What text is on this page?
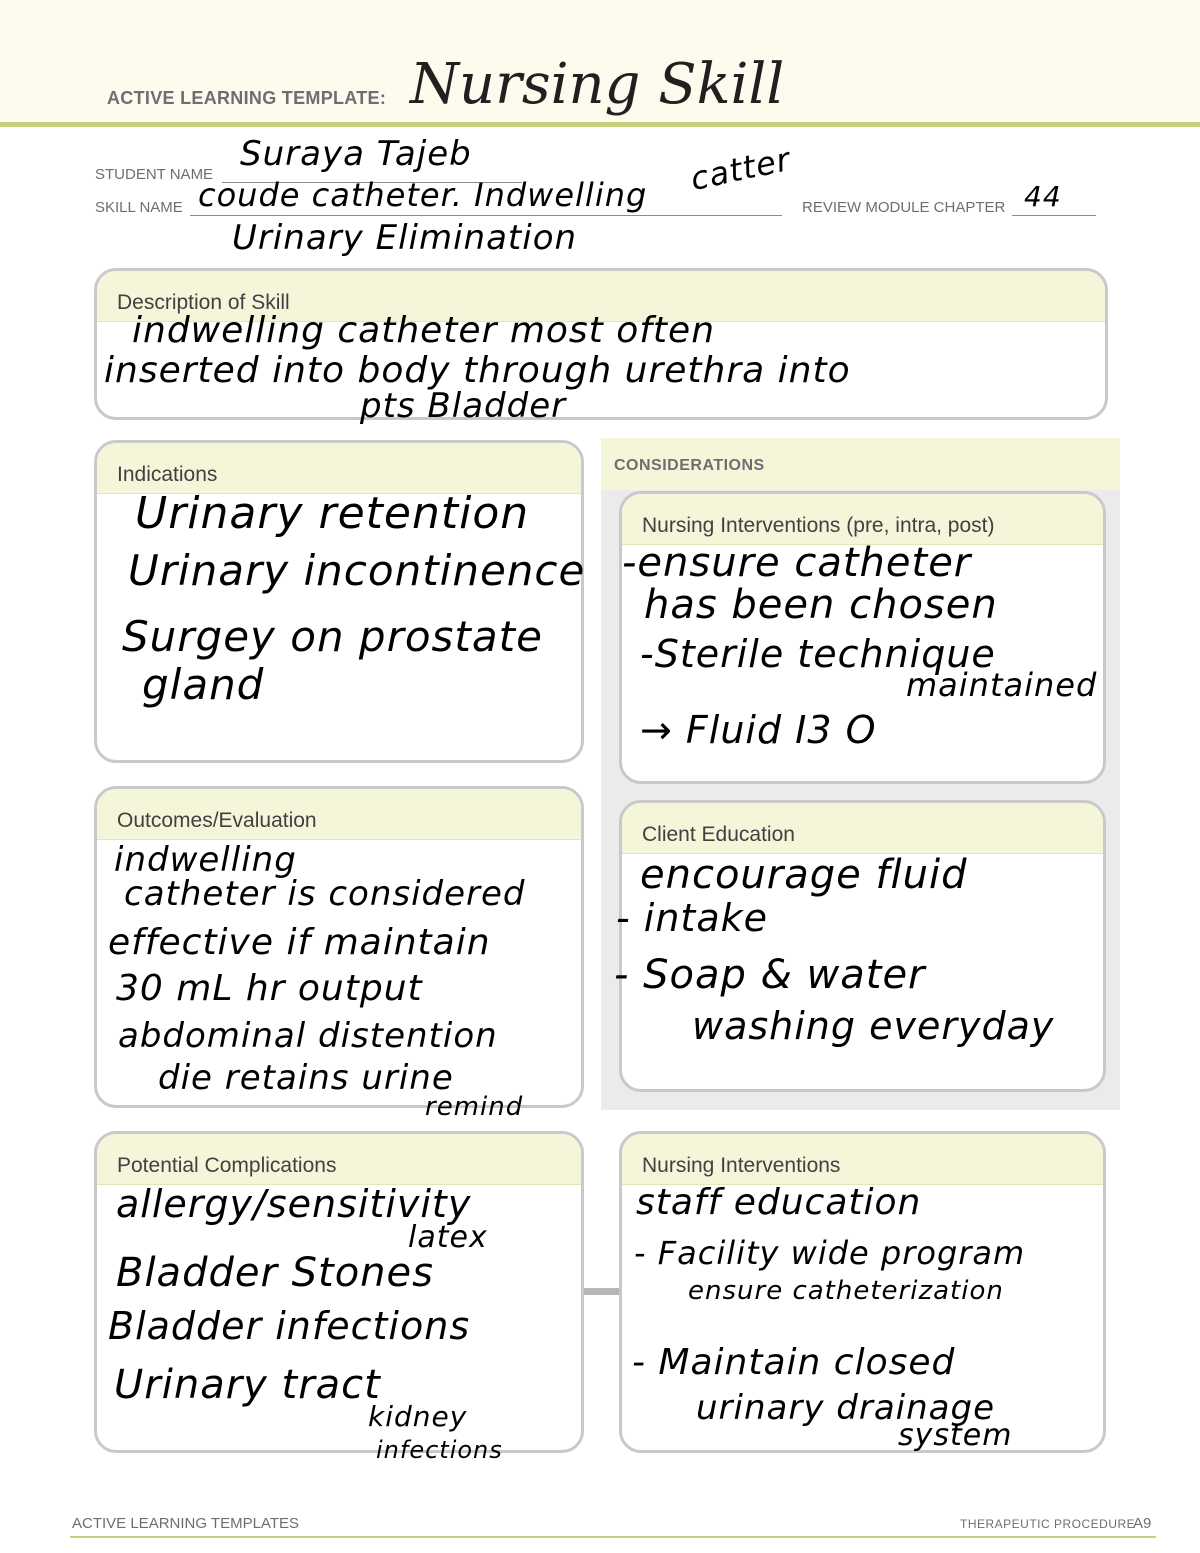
ACTIVE LEARNING TEMPLATE: Nursing Skill
STUDENT NAME
Suraya Tajeb
SKILL NAME coude catheter. Indwelling catter
Urinary Elimination
REVIEW MODULE CHAPTER 44
Description of Skill
indwelling catheter most often
inserted into body through urethra into
pts Bladder
CONSIDERATIONS
Indications
Urinary retention
Urinary incontinence
Surgey on prostate
gland
Nursing Interventions (pre, intra, post)
-ensure catheter
has been chosen
-Sterile technique
maintained
→ Fluid I3 O
Outcomes/Evaluation
indwelling
catheter is considered
effective if maintain
30 mL hr output
abdominal distention
die retains urine
remind
Client Education
encourage fluid
- intake
- Soap & water
washing everyday
Potential Complications
allergy/sensitivity
latex
Bladder Stones
Bladder infections
Urinary tract
kidney
infections
Nursing Interventions
staff education
- Facility wide program
ensure catheterization
- Maintain closed
urinary drainage
system
ACTIVE LEARNING TEMPLATES	THERAPEUTIC PROCEDURE
A9
